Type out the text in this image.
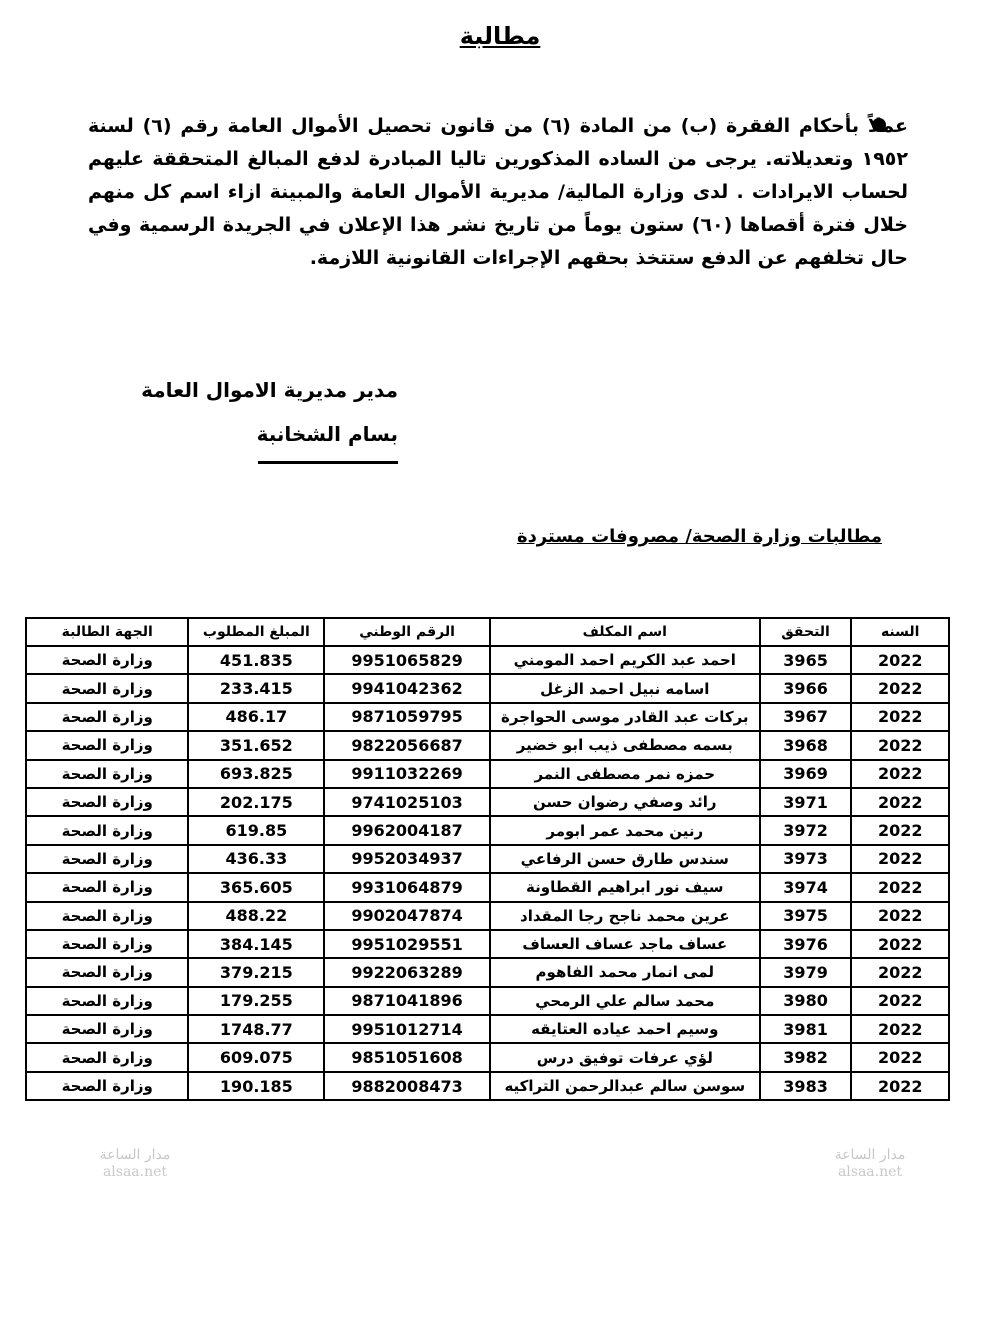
مطالبة
عملاً بأحكام الفقرة (ب) من المادة (٦) من قانون تحصيل الأموال العامة رقم (٦) لسنة ١٩٥٢ وتعديلاته. يرجى من الساده المذكورين تاليا المبادرة لدفع المبالغ المتحققة عليهم لحساب الايرادات . لدى وزارة المالية/ مديرية الأموال العامة والمبينة ازاء اسم كل منهم خلال فترة أقصاها (٦٠) ستون يوماً من تاريخ نشر هذا الإعلان في الجريدة الرسمية وفي حال تخلفهم عن الدفع ستتخذ بحقهم الإجراءات القانونية اللازمة.
مدير مديرية الاموال العامة
بسام الشخانبة
مطالبات وزارة الصحة/ مصروفات مستردة
السنه	التحقق	اسم المكلف	الرقم الوطني	المبلغ المطلوب	الجهة الطالبة
2022	3965	احمد عبد الكريم احمد المومني	9951065829	451.835	وزارة الصحة
2022	3966	اسامه نبيل احمد الزغل	9941042362	233.415	وزارة الصحة
2022	3967	بركات عبد القادر موسى الحواجرة	9871059795	486.17	وزارة الصحة
2022	3968	بسمه مصطفى ذيب ابو خضير	9822056687	351.652	وزارة الصحة
2022	3969	حمزه نمر مصطفى النمر	9911032269	693.825	وزارة الصحة
2022	3971	رائد وصفي رضوان حسن	9741025103	202.175	وزارة الصحة
2022	3972	رنين محمد عمر ابومر	9962004187	619.85	وزارة الصحة
2022	3973	سندس طارق حسن الرفاعي	9952034937	436.33	وزارة الصحة
2022	3974	سيف نور ابراهيم القطاونة	9931064879	365.605	وزارة الصحة
2022	3975	عرين محمد ناجح رجا المقداد	9902047874	488.22	وزارة الصحة
2022	3976	عساف ماجد عساف العساف	9951029551	384.145	وزارة الصحة
2022	3979	لمى انمار محمد الفاهوم	9922063289	379.215	وزارة الصحة
2022	3980	محمد سالم علي الرمحي	9871041896	179.255	وزارة الصحة
2022	3981	وسيم احمد عياده العتايقه	9951012714	1748.77	وزارة الصحة
2022	3982	لؤي عرفات توفيق درس	9851051608	609.075	وزارة الصحة
2022	3983	سوسن سالم عبدالرحمن التراكيه	9882008473	190.185	وزارة الصحة
مدار الساعة
alsaa.net
مدار الساعة
alsaa.net
